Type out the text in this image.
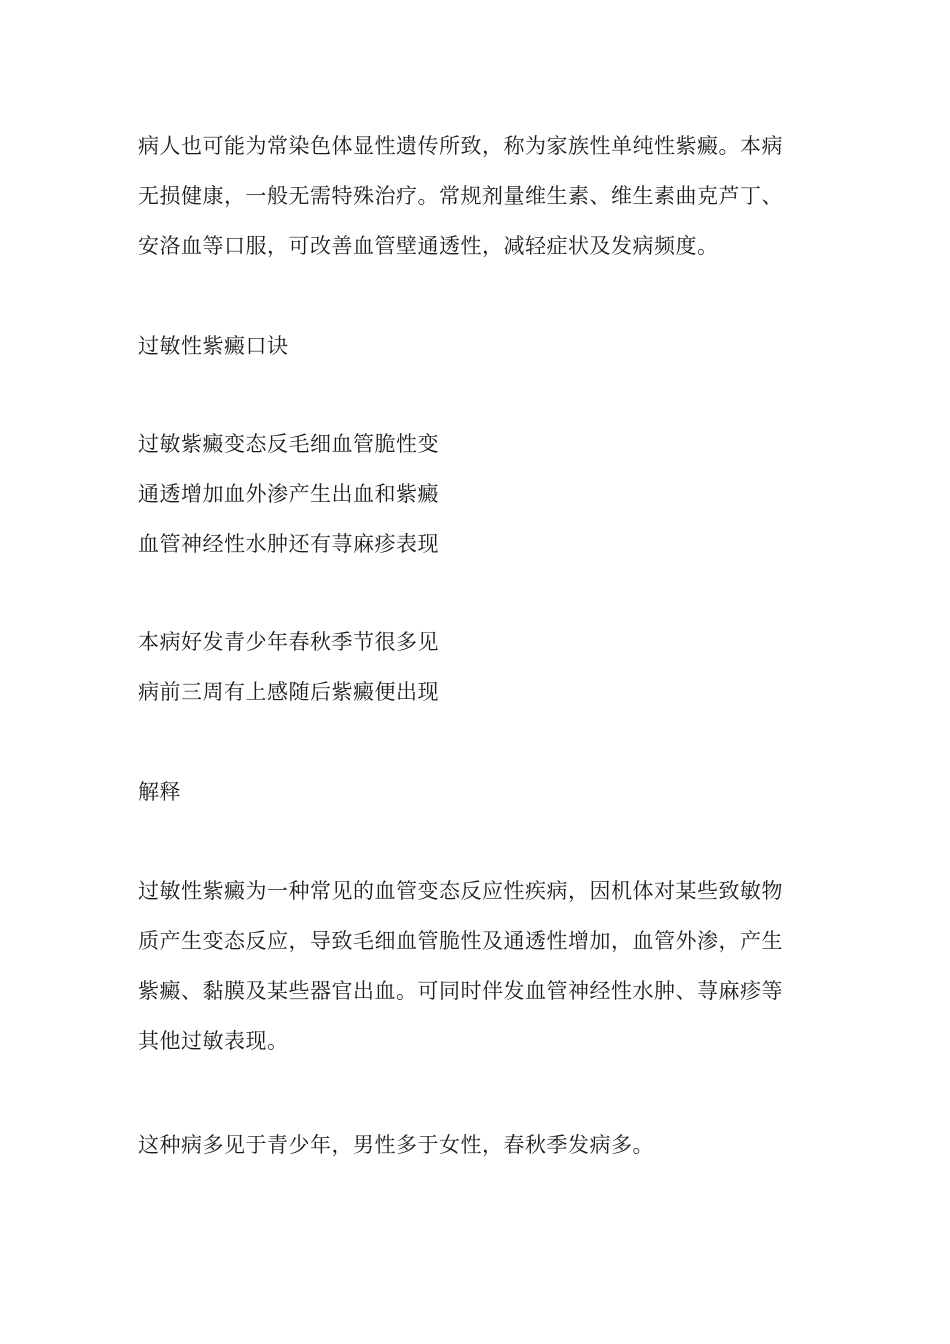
病人也可能为常染色体显性遗传所致，称为家族性单纯性紫癜。本病
无损健康，一般无需特殊治疗。常规剂量维生素、维生素曲克芦丁、
安洛血等口服，可改善血管壁通透性，减轻症状及发病频度。
过敏性紫癜口诀
过敏紫癜变态反毛细血管脆性变
通透增加血外渗产生出血和紫癜
血管神经性水肿还有荨麻疹表现
本病好发青少年春秋季节很多见
病前三周有上感随后紫癜便出现
解释
过敏性紫癜为一种常见的血管变态反应性疾病，因机体对某些致敏物
质产生变态反应，导致毛细血管脆性及通透性增加，血管外渗，产生
紫癜、黏膜及某些器官出血。可同时伴发血管神经性水肿、荨麻疹等
其他过敏表现。
这种病多见于青少年，男性多于女性，春秋季发病多。
